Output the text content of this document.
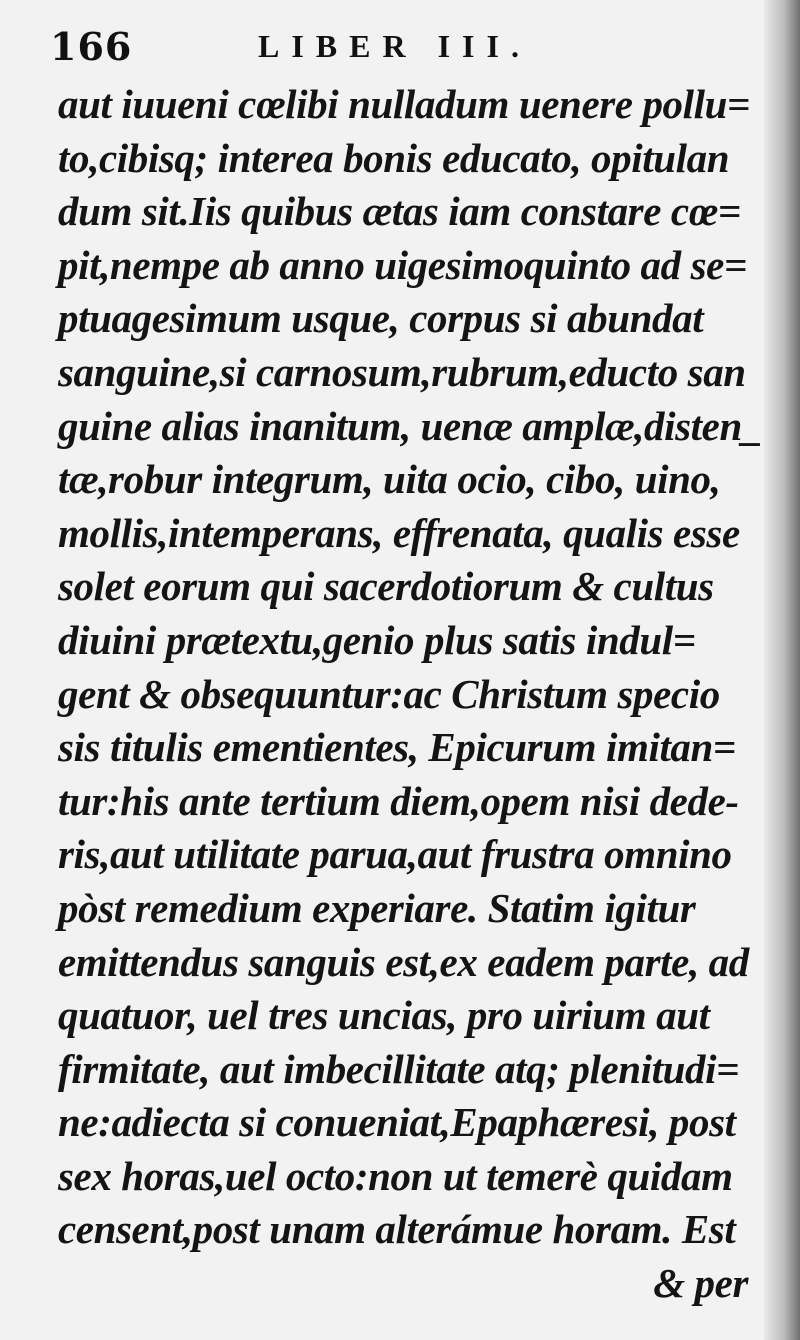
166	LIBER III.
aut iuueni cœlibi nulladum uenere pollu=
to,cibisq; interea bonis educato, opitulan
dum sit.Iis quibus ætas iam constare cœ=
pit,nempe ab anno uigesimoquinto ad se=
ptuagesimum usque, corpus si abundat
sanguine,si carnosum,rubrum,educto san
guine alias inanitum, uenæ amplæ,disten_
tæ,robur integrum, uita ocio, cibo, uino,
mollis,intemperans, effrenata, qualis esse
solet eorum qui sacerdotiorum & cultus
diuini prætextu,genio plus satis indul=
gent & obsequuntur:ac Christum specio
sis titulis ementientes, Epicurum imitan=
tur:his ante tertium diem,opem nisi dede-
ris,aut utilitate parua,aut frustra omnino
pòst remedium experiare. Statim igitur
emittendus sanguis est,ex eadem parte, ad
quatuor, uel tres uncias, pro uirium aut
firmitate, aut imbecillitate atq; plenitudi=
ne:adiecta si conueniat,Epaphæresi, post
sex horas,uel octo:non ut temerè quidam
censent,post unam alterámue horam. Est
& per
